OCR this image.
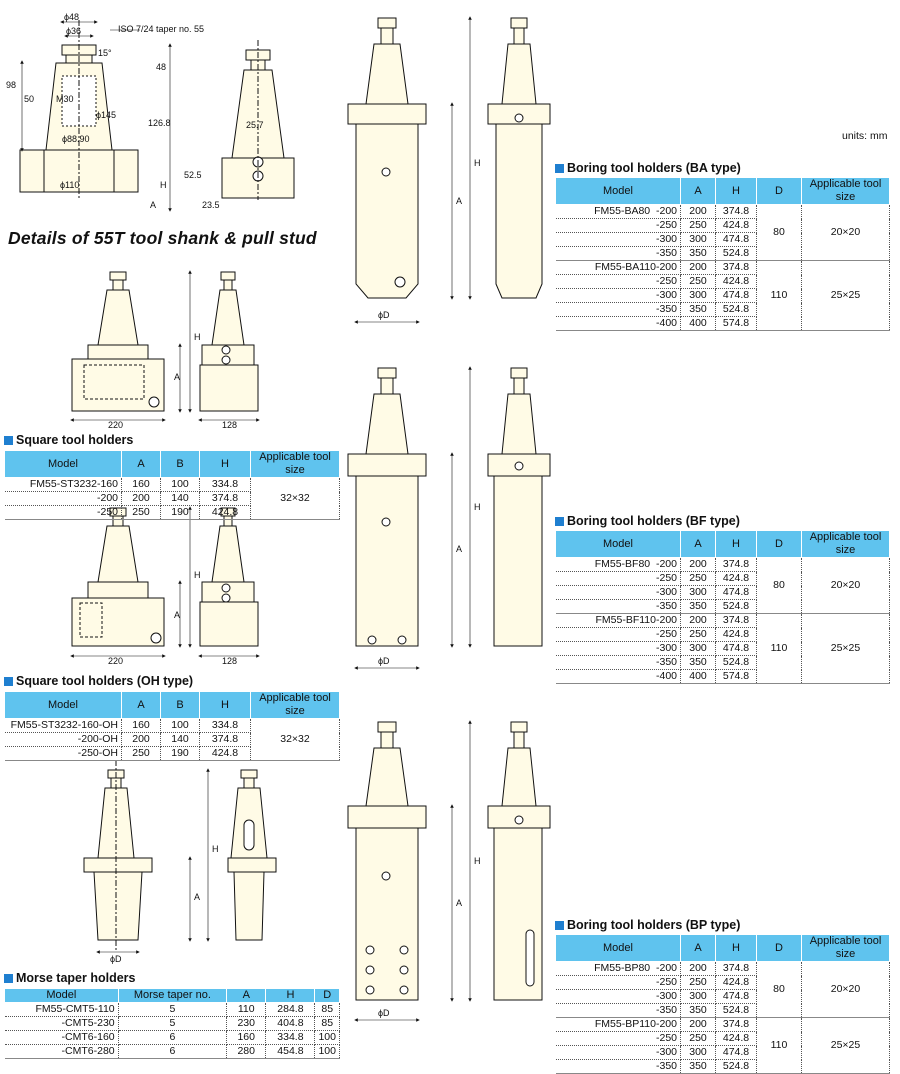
ϕ48
ϕ36	ISO 7/24 taper no. 55
15°
98
50 M30
48
126.8
ϕ145
ϕ88.90
ϕ110	H
A
25.7
52.5
23.5
H
A
220	128
H
A
220	128
H
A
ϕD
H
A
ϕD
H
A
ϕD
H
A
ϕD
Details of 55T tool shank & pull stud
units: mm
Boring tool holders (BA type)
Model	A	H	D	Applicable tool size
FM55-BA80  -200	200	374.8	80	20×20
-250	250	424.8		
-300	300	474.8		
-350	350	524.8		
FM55-BA110-200	200	374.8	110	25×25
-250	250	424.8		
-300	300	474.8		
-350	350	524.8		
-400	400	574.8		
Boring tool holders (BF type)
Model	A	H	D	Applicable tool size
FM55-BF80  -200	200	374.8	80	20×20
-250	250	424.8		
-300	300	474.8		
-350	350	524.8		
FM55-BF110-200	200	374.8	110	25×25
-250	250	424.8		
-300	300	474.8		
-350	350	524.8		
-400	400	574.8		
Boring tool holders (BP type)
Model	A	H	D	Applicable tool size
FM55-BP80  -200	200	374.8	80	20×20
-250	250	424.8		
-300	300	474.8		
-350	350	524.8		
FM55-BP110-200	200	374.8	110	25×25
-250	250	424.8		
-300	300	474.8		
-350	350	524.8		
Square tool holders
Model	A	B	H	Applicable tool size
FM55-ST3232-160	160	100	334.8	32×32
-200	200	140	374.8	
-250	250	190	424.8	
Square tool holders (OH type)
Model	A	B	H	Applicable tool size
FM55-ST3232-160-OH	160	100	334.8	32×32
-200-OH	200	140	374.8	
-250-OH	250	190	424.8	
Morse taper holders
Model	Morse taper no.	A	H	D
FM55-CMT5-110	5	110	284.8	85
-CMT5-230	5	230	404.8	85
-CMT6-160	6	160	334.8	100
-CMT6-280	6	280	454.8	100
